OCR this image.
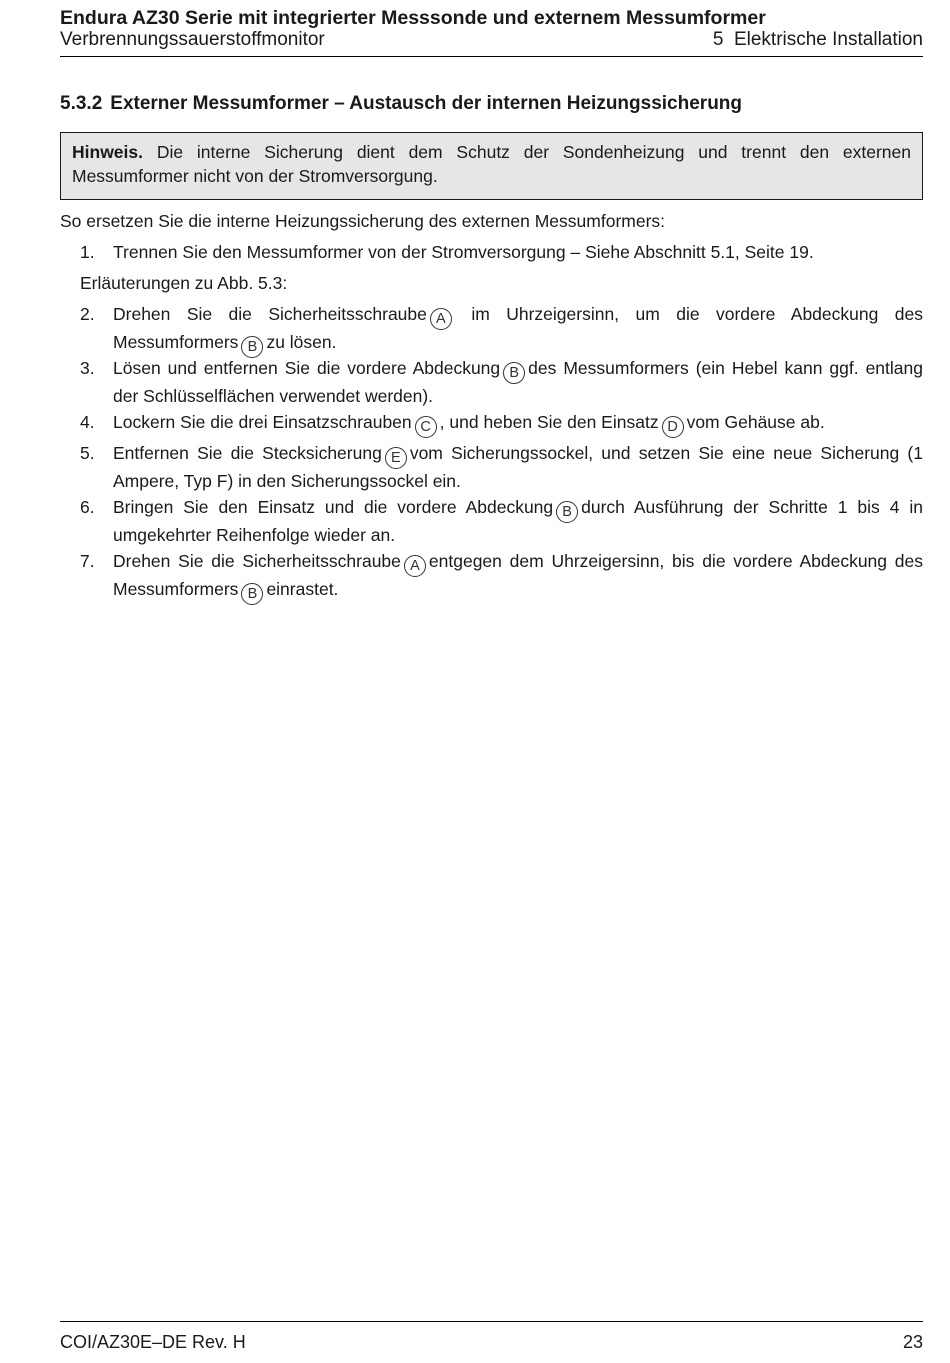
Endura AZ30 Serie mit integrierter Messsonde und externem Messumformer
Verbrennungssauerstoffmonitor	5 Elektrische Installation
5.3.2 Externer Messumformer – Austausch der internen Heizungssicherung
Hinweis. Die interne Sicherung dient dem Schutz der Sondenheizung und trennt den externen Messumformer nicht von der Stromversorgung.
So ersetzen Sie die interne Heizungssicherung des externen Messumformers:
1.	Trennen Sie den Messumformer von der Stromversorgung – Siehe Abschnitt 5.1, Seite 19.
Erläuterungen zu Abb. 5.3:
2.	Drehen Sie die Sicherheitsschraube A im Uhrzeigersinn, um die vordere Abdeckung des Messumformers B zu lösen.
3.	Lösen und entfernen Sie die vordere Abdeckung B des Messumformers (ein Hebel kann ggf. entlang der Schlüsselflächen verwendet werden).
4.	Lockern Sie die drei Einsatzschrauben C , und heben Sie den Einsatz D vom Gehäuse ab.
5.	Entfernen Sie die Stecksicherung E vom Sicherungssockel, und setzen Sie eine neue Sicherung (1 Ampere, Typ F) in den Sicherungssockel ein.
6.	Bringen Sie den Einsatz und die vordere Abdeckung B durch Ausführung der Schritte 1 bis 4 in umgekehrter Reihenfolge wieder an.
7.	Drehen Sie die Sicherheitsschraube A entgegen dem Uhrzeigersinn, bis die vordere Abdeckung des Messumformers B einrastet.
COI/AZ30E–DE Rev. H	23
